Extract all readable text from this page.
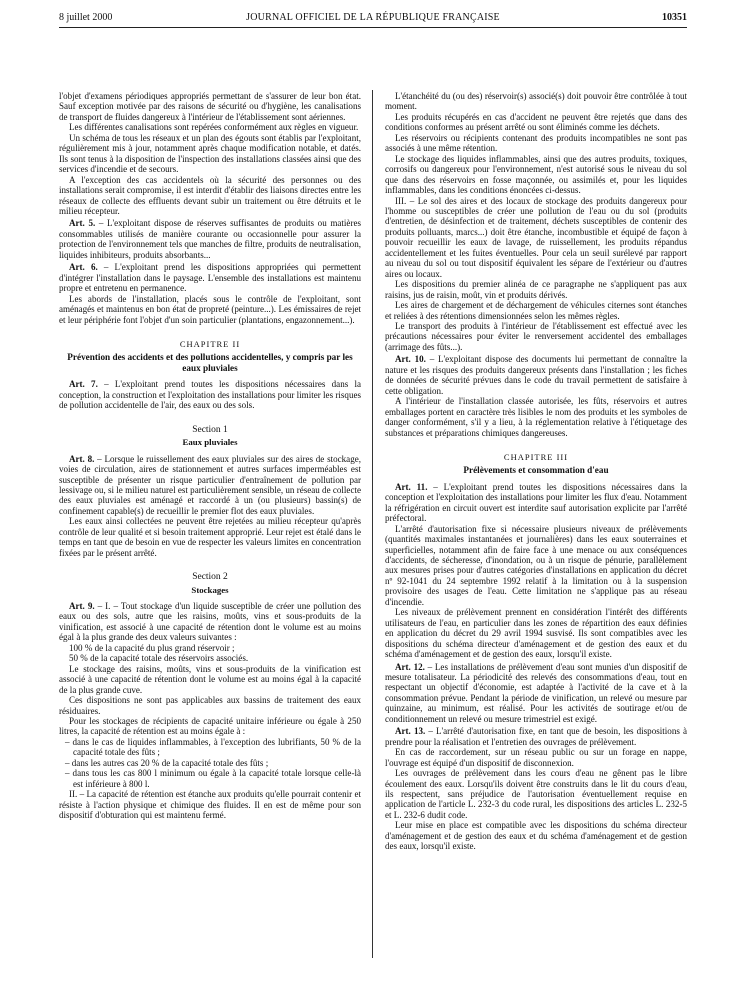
8 juillet 2000	JOURNAL OFFICIEL DE LA RÉPUBLIQUE FRANÇAISE	10351

l'objet d'examens périodiques appropriés permettant de s'assurer de leur bon état. Sauf exception motivée par des raisons de sécurité ou d'hygiène, les canalisations de transport de fluides dangereux à l'intérieur de l'établissement sont aériennes.

Les différentes canalisations sont repérées conformément aux règles en vigueur.

Un schéma de tous les réseaux et un plan des égouts sont établis par l'exploitant, régulièrement mis à jour, notamment après chaque modification notable, et datés. Ils sont tenus à la disposition de l'inspection des installations classées ainsi que des services d'incendie et de secours.

A l'exception des cas accidentels où la sécurité des personnes ou des installations serait compromise, il est interdit d'établir des liaisons directes entre les réseaux de collecte des effluents devant subir un traitement ou être détruits et le milieu récepteur.

Art. 5. – L'exploitant dispose de réserves suffisantes de produits ou matières consommables utilisés de manière courante ou occasionnelle pour assurer la protection de l'environnement tels que manches de filtre, produits de neutralisation, liquides inhibiteurs, produits absorbants...

Art. 6. – L'exploitant prend les dispositions appropriées qui permettent d'intégrer l'installation dans le paysage. L'ensemble des installations est maintenu propre et entretenu en permanence.

Les abords de l'installation, placés sous le contrôle de l'exploitant, sont aménagés et maintenus en bon état de propreté (peinture...). Les émissaires de rejet et leur périphérie font l'objet d'un soin particulier (plantations, engazonnement...).

CHAPITRE II
Prévention des accidents et des pollutions accidentelles, y compris par les eaux pluviales

Art. 7. – L'exploitant prend toutes les dispositions nécessaires dans la conception, la construction et l'exploitation des installations pour limiter les risques de pollution accidentelle de l'air, des eaux ou des sols.

Section 1
Eaux pluviales

Art. 8. – Lorsque le ruissellement des eaux pluviales sur des aires de stockage, voies de circulation, aires de stationnement et autres surfaces imperméables est susceptible de présenter un risque particulier d'entraînement de pollution par lessivage ou, si le milieu naturel est particulièrement sensible, un réseau de collecte des eaux pluviales est aménagé et raccordé à un (ou plusieurs) bassin(s) de confinement capable(s) de recueillir le premier flot des eaux pluviales.

Les eaux ainsi collectées ne peuvent être rejetées au milieu récepteur qu'après contrôle de leur qualité et si besoin traitement approprié. Leur rejet est étalé dans le temps en tant que de besoin en vue de respecter les valeurs limites en concentration fixées par le présent arrêté.

Section 2
Stockages

Art. 9. – I. – Tout stockage d'un liquide susceptible de créer une pollution des eaux ou des sols, autre que les raisins, moûts, vins et sous-produits de la vinification, est associé à une capacité de rétention dont le volume est au moins égal à la plus grande des deux valeurs suivantes :

100 % de la capacité du plus grand réservoir ;

50 % de la capacité totale des réservoirs associés.

Le stockage des raisins, moûts, vins et sous-produits de la vinification est associé à une capacité de rétention dont le volume est au moins égal à la capacité de la plus grande cuve.

Ces dispositions ne sont pas applicables aux bassins de traitement des eaux résiduaires.

Pour les stockages de récipients de capacité unitaire inférieure ou égale à 250 litres, la capacité de rétention est au moins égale à :

– dans le cas de liquides inflammables, à l'exception des lubrifiants, 50 % de la capacité totale des fûts ;
– dans les autres cas 20 % de la capacité totale des fûts ;
– dans tous les cas 800 l minimum ou égale à la capacité totale lorsque celle-là est inférieure à 800 l.

II. – La capacité de rétention est étanche aux produits qu'elle pourrait contenir et résiste à l'action physique et chimique des fluides. Il en est de même pour son dispositif d'obturation qui est maintenu fermé.

L'étanchéité du (ou des) réservoir(s) associé(s) doit pouvoir être contrôlée à tout moment.

Les produits récupérés en cas d'accident ne peuvent être rejetés que dans des conditions conformes au présent arrêté ou sont éliminés comme les déchets.

Les réservoirs ou récipients contenant des produits incompatibles ne sont pas associés à une même rétention.

Le stockage des liquides inflammables, ainsi que des autres produits, toxiques, corrosifs ou dangereux pour l'environnement, n'est autorisé sous le niveau du sol que dans des réservoirs en fosse maçonnée, ou assimilés et, pour les liquides inflammables, dans les conditions énoncées ci-dessus.

III. – Le sol des aires et des locaux de stockage des produits dangereux pour l'homme ou susceptibles de créer une pollution de l'eau ou du sol (produits d'entretien, de désinfection et de traitement, déchets susceptibles de contenir des produits polluants, marcs...) doit être étanche, incombustible et équipé de façon à pouvoir recueillir les eaux de lavage, de ruissellement, les produits répandus accidentellement et les fuites éventuelles. Pour cela un seuil surélevé par rapport au niveau du sol ou tout dispositif équivalent les sépare de l'extérieur ou d'autres aires ou locaux.

Les dispositions du premier alinéa de ce paragraphe ne s'appliquent pas aux raisins, jus de raisin, moût, vin et produits dérivés.

Les aires de chargement et de déchargement de véhicules citernes sont étanches et reliées à des rétentions dimensionnées selon les mêmes règles.

Le transport des produits à l'intérieur de l'établissement est effectué avec les précautions nécessaires pour éviter le renversement accidentel des emballages (arrimage des fûts...).

Art. 10. – L'exploitant dispose des documents lui permettant de connaître la nature et les risques des produits dangereux présents dans l'installation ; les fiches de données de sécurité prévues dans le code du travail permettent de satisfaire à cette obligation.

A l'intérieur de l'installation classée autorisée, les fûts, réservoirs et autres emballages portent en caractère très lisibles le nom des produits et les symboles de danger conformément, s'il y a lieu, à la réglementation relative à l'étiquetage des substances et préparations chimiques dangereuses.

CHAPITRE III
Prélèvements et consommation d'eau

Art. 11. – L'exploitant prend toutes les dispositions nécessaires dans la conception et l'exploitation des installations pour limiter les flux d'eau. Notamment la réfrigération en circuit ouvert est interdite sauf autorisation explicite par l'arrêté préfectoral.

L'arrêté d'autorisation fixe si nécessaire plusieurs niveaux de prélèvements (quantités maximales instantanées et journalières) dans les eaux souterraines et superficielles, notamment afin de faire face à une menace ou aux conséquences d'accidents, de sécheresse, d'inondation, ou à un risque de pénurie, parallèlement aux mesures prises pour d'autres catégories d'installations en application du décret nº 92-1041 du 24 septembre 1992 relatif à la limitation ou à la suspension provisoire des usages de l'eau. Cette limitation ne s'applique pas au réseau d'incendie.

Les niveaux de prélèvement prennent en considération l'intérêt des différents utilisateurs de l'eau, en particulier dans les zones de répartition des eaux définies en application du décret du 29 avril 1994 susvisé. Ils sont compatibles avec les dispositions du schéma directeur d'aménagement et de gestion des eaux et du schéma d'aménagement et de gestion des eaux, lorsqu'il existe.

Art. 12. – Les installations de prélèvement d'eau sont munies d'un dispositif de mesure totalisateur. La périodicité des relevés des consommations d'eau, tout en respectant un objectif d'économie, est adaptée à l'activité de la cave et à la consommation prévue. Pendant la période de vinification, un relevé ou mesure par quinzaine, au minimum, est réalisé. Pour les activités de soutirage et/ou de conditionnement un relevé ou mesure trimestriel est exigé.

Art. 13. – L'arrêté d'autorisation fixe, en tant que de besoin, les dispositions à prendre pour la réalisation et l'entretien des ouvrages de prélèvement.

En cas de raccordement, sur un réseau public ou sur un forage en nappe, l'ouvrage est équipé d'un dispositif de disconnexion.

Les ouvrages de prélèvement dans les cours d'eau ne gênent pas le libre écoulement des eaux. Lorsqu'ils doivent être construits dans le lit du cours d'eau, ils respectent, sans préjudice de l'autorisation éventuellement requise en application de l'article L. 232-3 du code rural, les dispositions des articles L. 232-5 et L. 232-6 dudit code.

Leur mise en place est compatible avec les dispositions du schéma directeur d'aménagement et de gestion des eaux et du schéma d'aménagement et de gestion des eaux, lorsqu'il existe.
